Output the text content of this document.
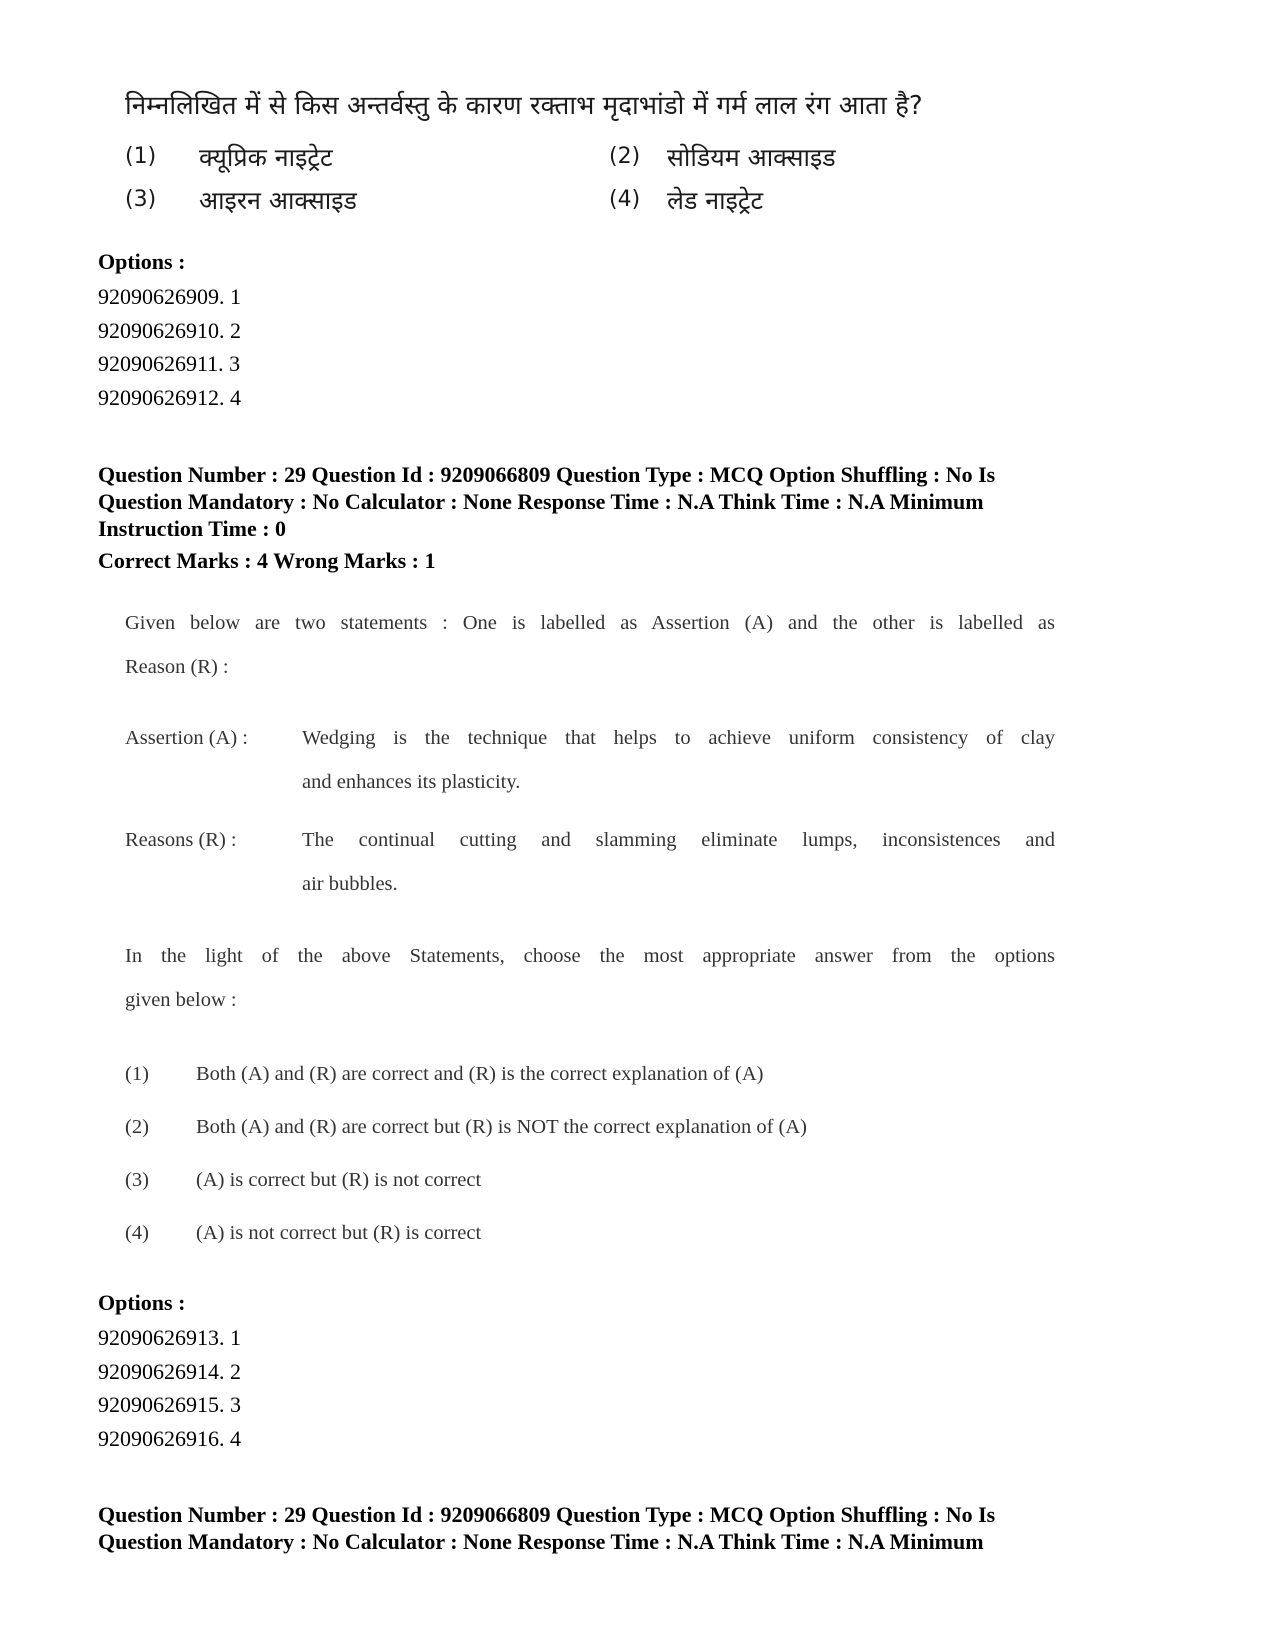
निम्नलिखित में से किस अन्तर्वस्तु के कारण रक्ताभ मृदाभांडो में गर्म लाल रंग आता है?
(1) क्यूप्रिक नाइट्रेट	(2) सोडियम आक्साइड
(3) आइरन आक्साइड	(4) लेड नाइट्रेट
Options :
92090626909. 1
92090626910. 2
92090626911. 3
92090626912. 4
Question Number : 29 Question Id : 9209066809 Question Type : MCQ Option Shuffling : No Is
Question Mandatory : No Calculator : None Response Time : N.A Think Time : N.A Minimum
Instruction Time : 0
Correct Marks : 4 Wrong Marks : 1
Given below are two statements : One is labelled as Assertion (A) and the other is labelled as
Reason (R) :
Assertion (A) :	Wedging is the technique that helps to achieve uniform consistency of clay
and enhances its plasticity.
Reasons (R) :	The continual cutting and slamming eliminate lumps, inconsistences and
air bubbles.
In the light of the above Statements, choose the most appropriate answer from the options
given below :
(1) Both (A) and (R) are correct and (R) is the correct explanation of (A)
(2) Both (A) and (R) are correct but (R) is NOT the correct explanation of (A)
(3) (A) is correct but (R) is not correct
(4) (A) is not correct but (R) is correct
Options :
92090626913. 1
92090626914. 2
92090626915. 3
92090626916. 4
Question Number : 29 Question Id : 9209066809 Question Type : MCQ Option Shuffling : No Is
Question Mandatory : No Calculator : None Response Time : N.A Think Time : N.A Minimum
